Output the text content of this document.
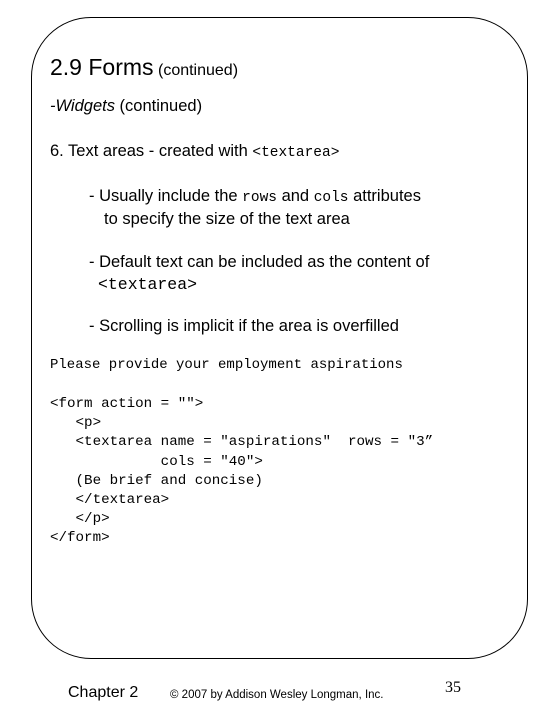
2.9 Forms (continued)
-Widgets (continued)
6. Text areas - created with <textarea>
- Usually include the rows and cols attributes
to specify the size of the text area
- Default text can be included as the content of
<textarea>
- Scrolling is implicit if the area is overfilled
Please provide your employment aspirations
<form action = "">
<p>
<textarea name = "aspirations"  rows = "3”
cols = "40">
(Be brief and concise)
</textarea>
</p>
</form>
Chapter 2	© 2007 by Addison Wesley Longman, Inc.	35
